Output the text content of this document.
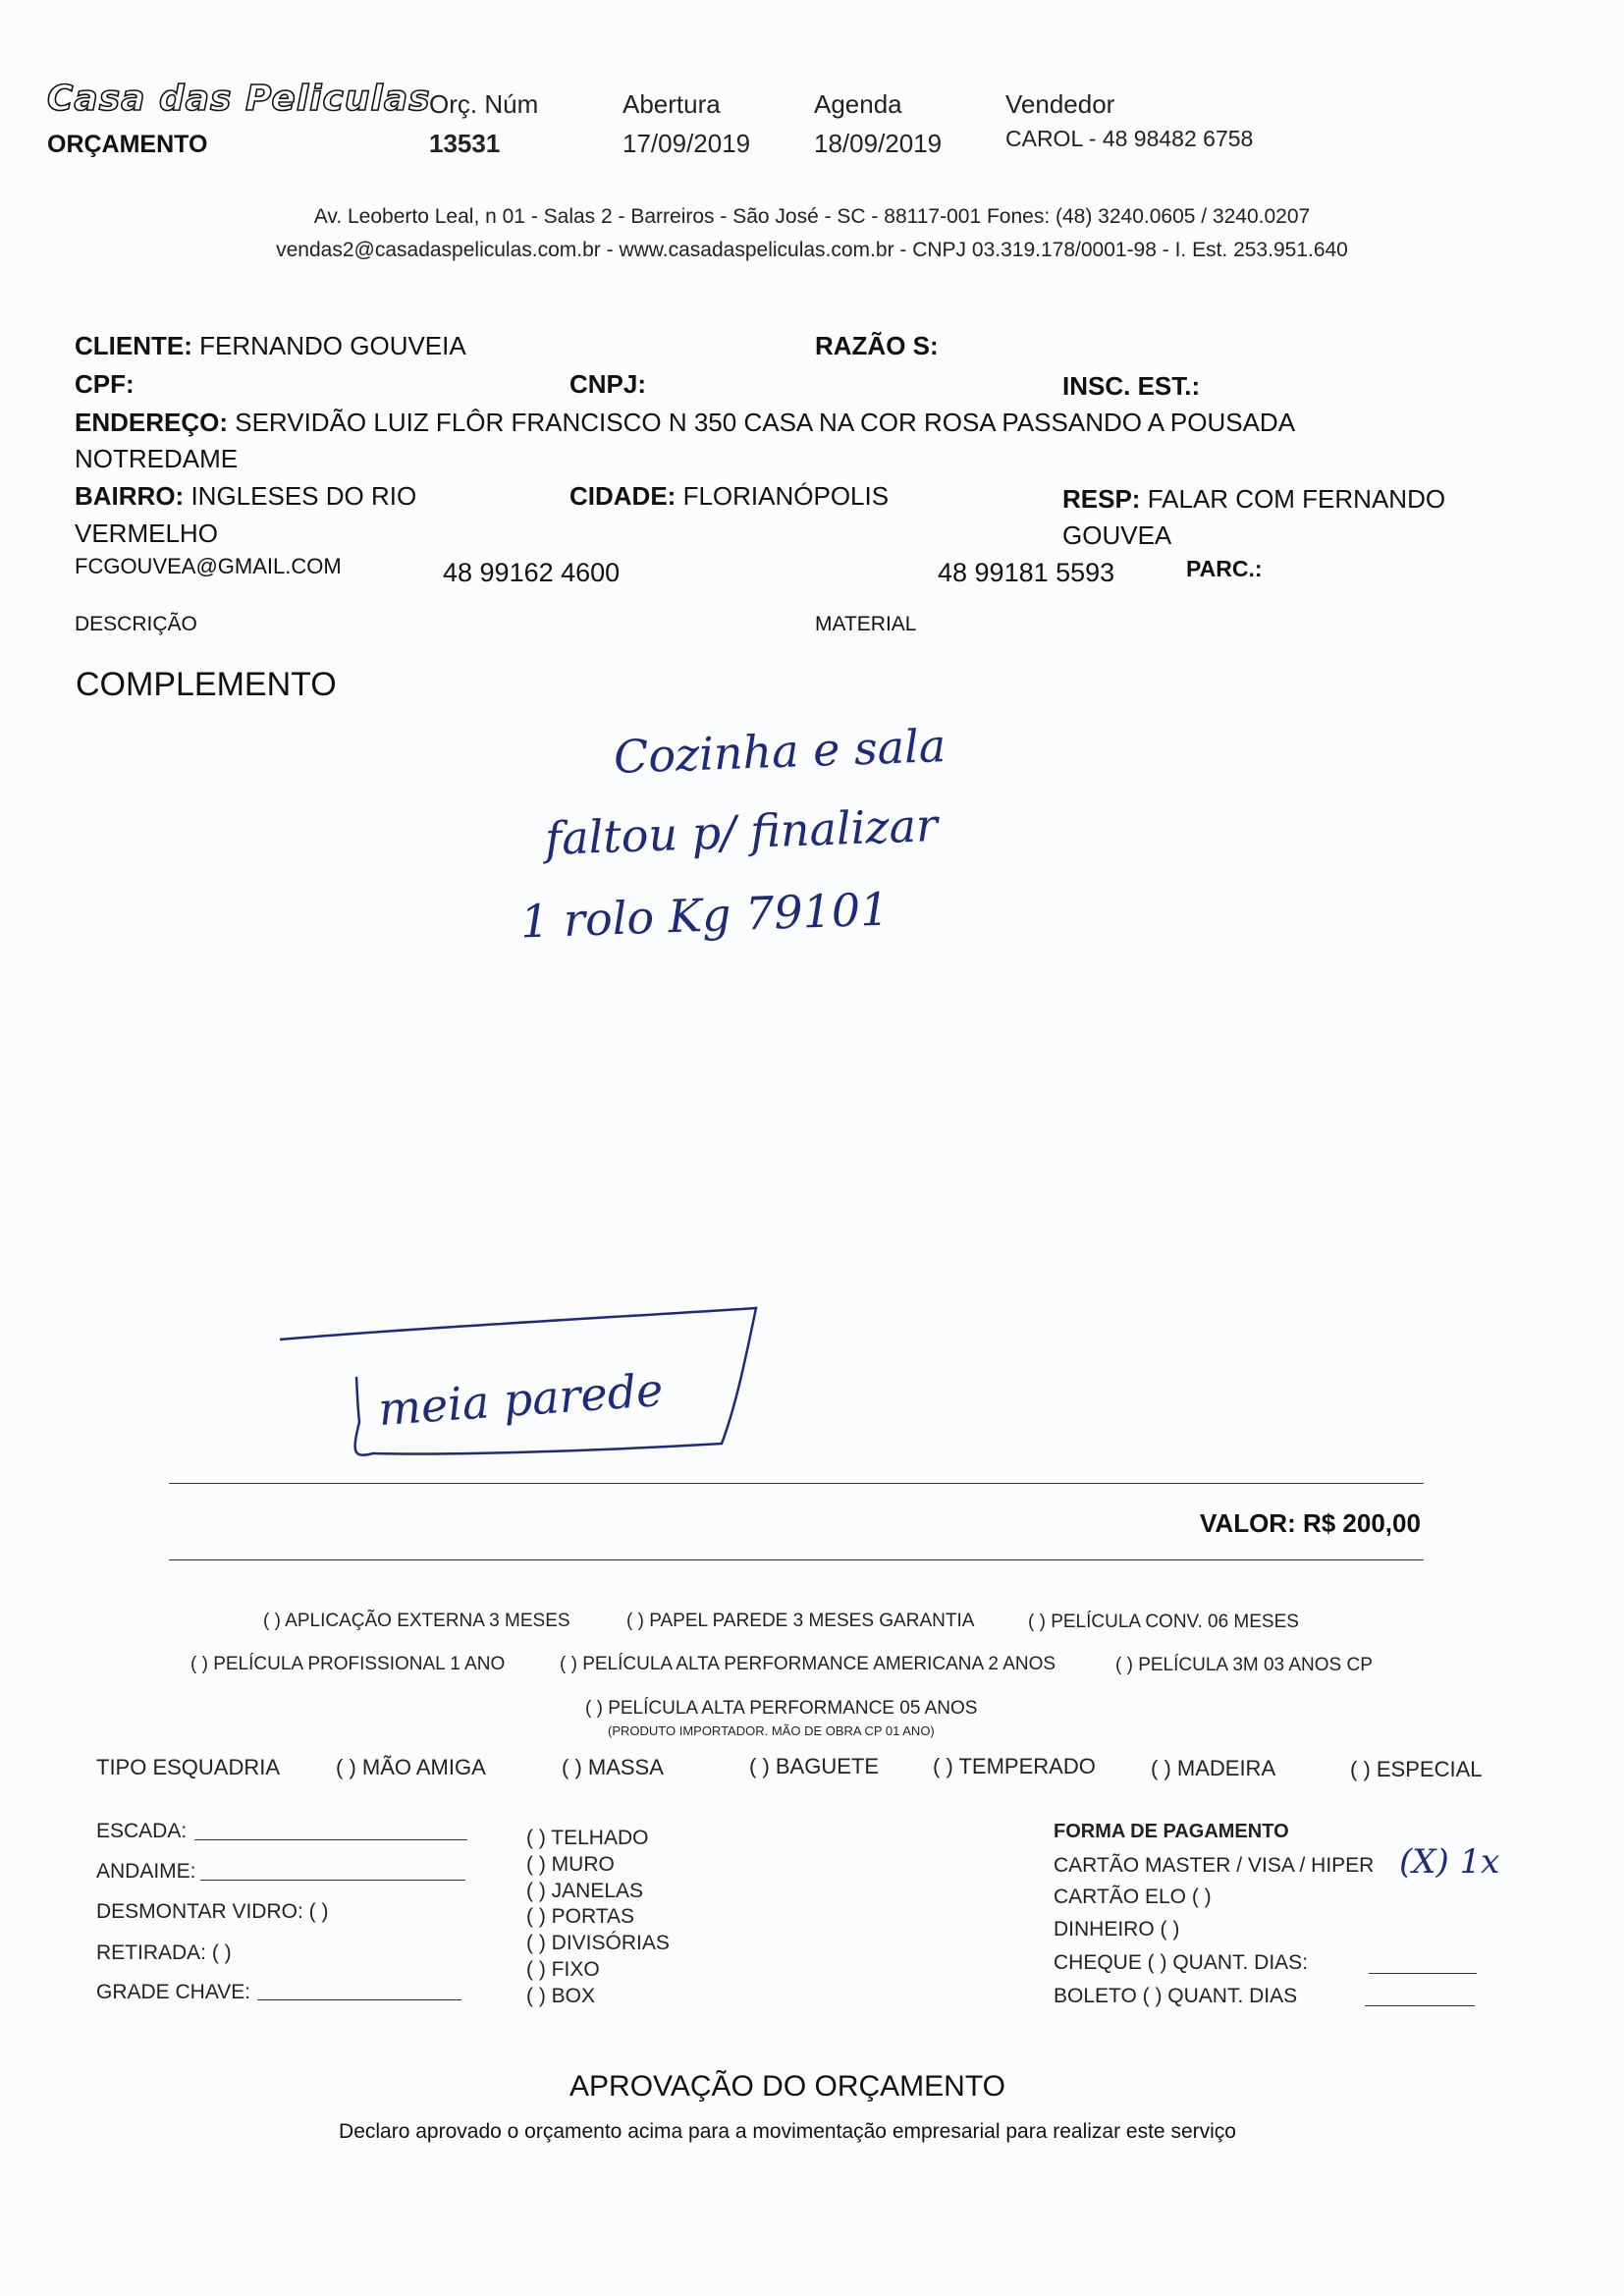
Casa das Peliculas
ORÇAMENTO
Orç. Núm
13531
Abertura
17/09/2019
Agenda
18/09/2019
Vendedor
CAROL - 48 98482 6758
Av. Leoberto Leal, n 01 - Salas 2 - Barreiros - São José - SC - 88117-001 Fones: (48) 3240.0605 / 3240.0207
vendas2@casadaspeliculas.com.br - www.casadaspeliculas.com.br - CNPJ 03.319.178/0001-98 - I. Est. 253.951.640
CLIENTE: FERNANDO GOUVEIA	RAZÃO S:
CPF:	CNPJ:	INSC. EST.:
ENDEREÇO: SERVIDÃO LUIZ FLÔR FRANCISCO N 350 CASA NA COR ROSA PASSANDO A POUSADA
NOTREDAME
BAIRRO: INGLESES DO RIO
VERMELHO
CIDADE: FLORIANÓPOLIS	RESP: FALAR COM FERNANDO
GOUVEA
FCGOUVEA@GMAIL.COM	48 99162 4600	48 99181 5593	PARC.:
DESCRIÇÃO	MATERIAL
COMPLEMENTO
Cozinha e sala
faltou p/ finalizar
1 rolo Kg 79101
meia parede
VALOR: R$ 200,00
( ) APLICAÇÃO EXTERNA 3 MESES	( ) PAPEL PAREDE 3 MESES GARANTIA	( ) PELÍCULA CONV. 06 MESES
( ) PELÍCULA PROFISSIONAL 1 ANO	( ) PELÍCULA ALTA PERFORMANCE AMERICANA 2 ANOS	( ) PELÍCULA 3M 03 ANOS CP
( ) PELÍCULA ALTA PERFORMANCE 05 ANOS
(PRODUTO IMPORTADOR. MÃO DE OBRA CP 01 ANO)
TIPO ESQUADRIA	( ) MÃO AMIGA	( ) MASSA	( ) BAGUETE ( ) TEMPERADO	( ) MADEIRA	( ) ESPECIAL
ESCADA:
ANDAIME:
DESMONTAR VIDRO: ( )
RETIRADA: ( )
GRADE CHAVE:
( ) TELHADO
( ) MURO
( ) JANELAS
( ) PORTAS
( ) DIVISÓRIAS
( ) FIXO
( ) BOX
FORMA DE PAGAMENTO
CARTÃO MASTER / VISA / HIPER (X) 1x
CARTÃO ELO ( )
DINHEIRO ( )
CHEQUE ( ) QUANT. DIAS:
BOLETO ( ) QUANT. DIAS
APROVAÇÃO DO ORÇAMENTO
Declaro aprovado o orçamento acima para a movimentação empresarial para realizar este serviço
